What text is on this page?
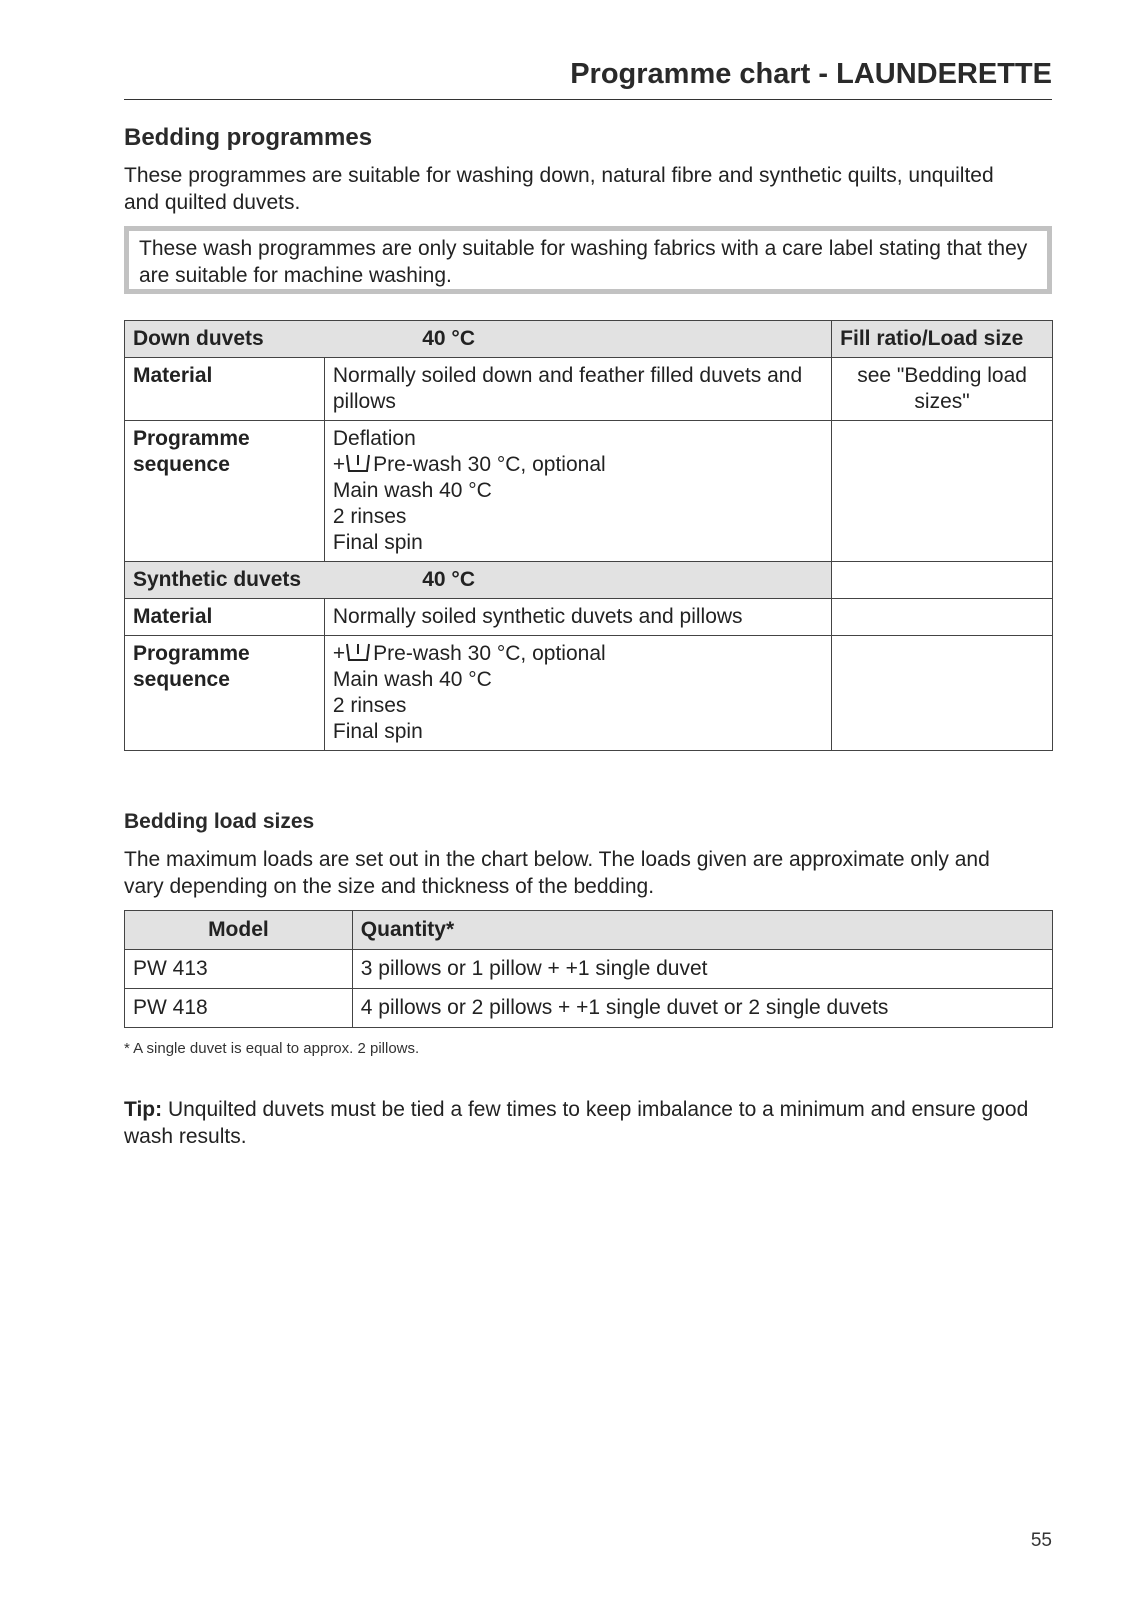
Programme chart - LAUNDERETTE
Bedding programmes

These programmes are suitable for washing down, natural fibre and synthetic quilts, unquilted and quilted duvets.

These wash programmes are only suitable for washing fabrics with a care label stating that they are suitable for machine washing.
Down duvets		40 °C	Fill ratio/Load size
Material	Normally soiled down and feather filled duvets and pillows		see "Bedding load sizes"
Programme sequence	Deflation
+ Pre-wash 30 °C, optional
Main wash 40 °C
2 rinses
Final spin		

Synthetic duvets		40 °C	
Material	Normally soiled synthetic duvets and pillows		
Programme sequence	+ Pre-wash 30 °C, optional
Main wash 40 °C
2 rinses
Final spin		

Bedding load sizes

The maximum loads are set out in the chart below. The loads given are approximate only and vary depending on the size and thickness of the bedding.

Model	Quantity*
PW 413	3 pillows or 1 pillow + +1 single duvet
PW 418	4 pillows or 2 pillows + +1 single duvet or 2 single duvets
* A single duvet is equal to approx. 2 pillows.

Tip: Unquilted duvets must be tied a few times to keep imbalance to a minimum and ensure good wash results.

55
